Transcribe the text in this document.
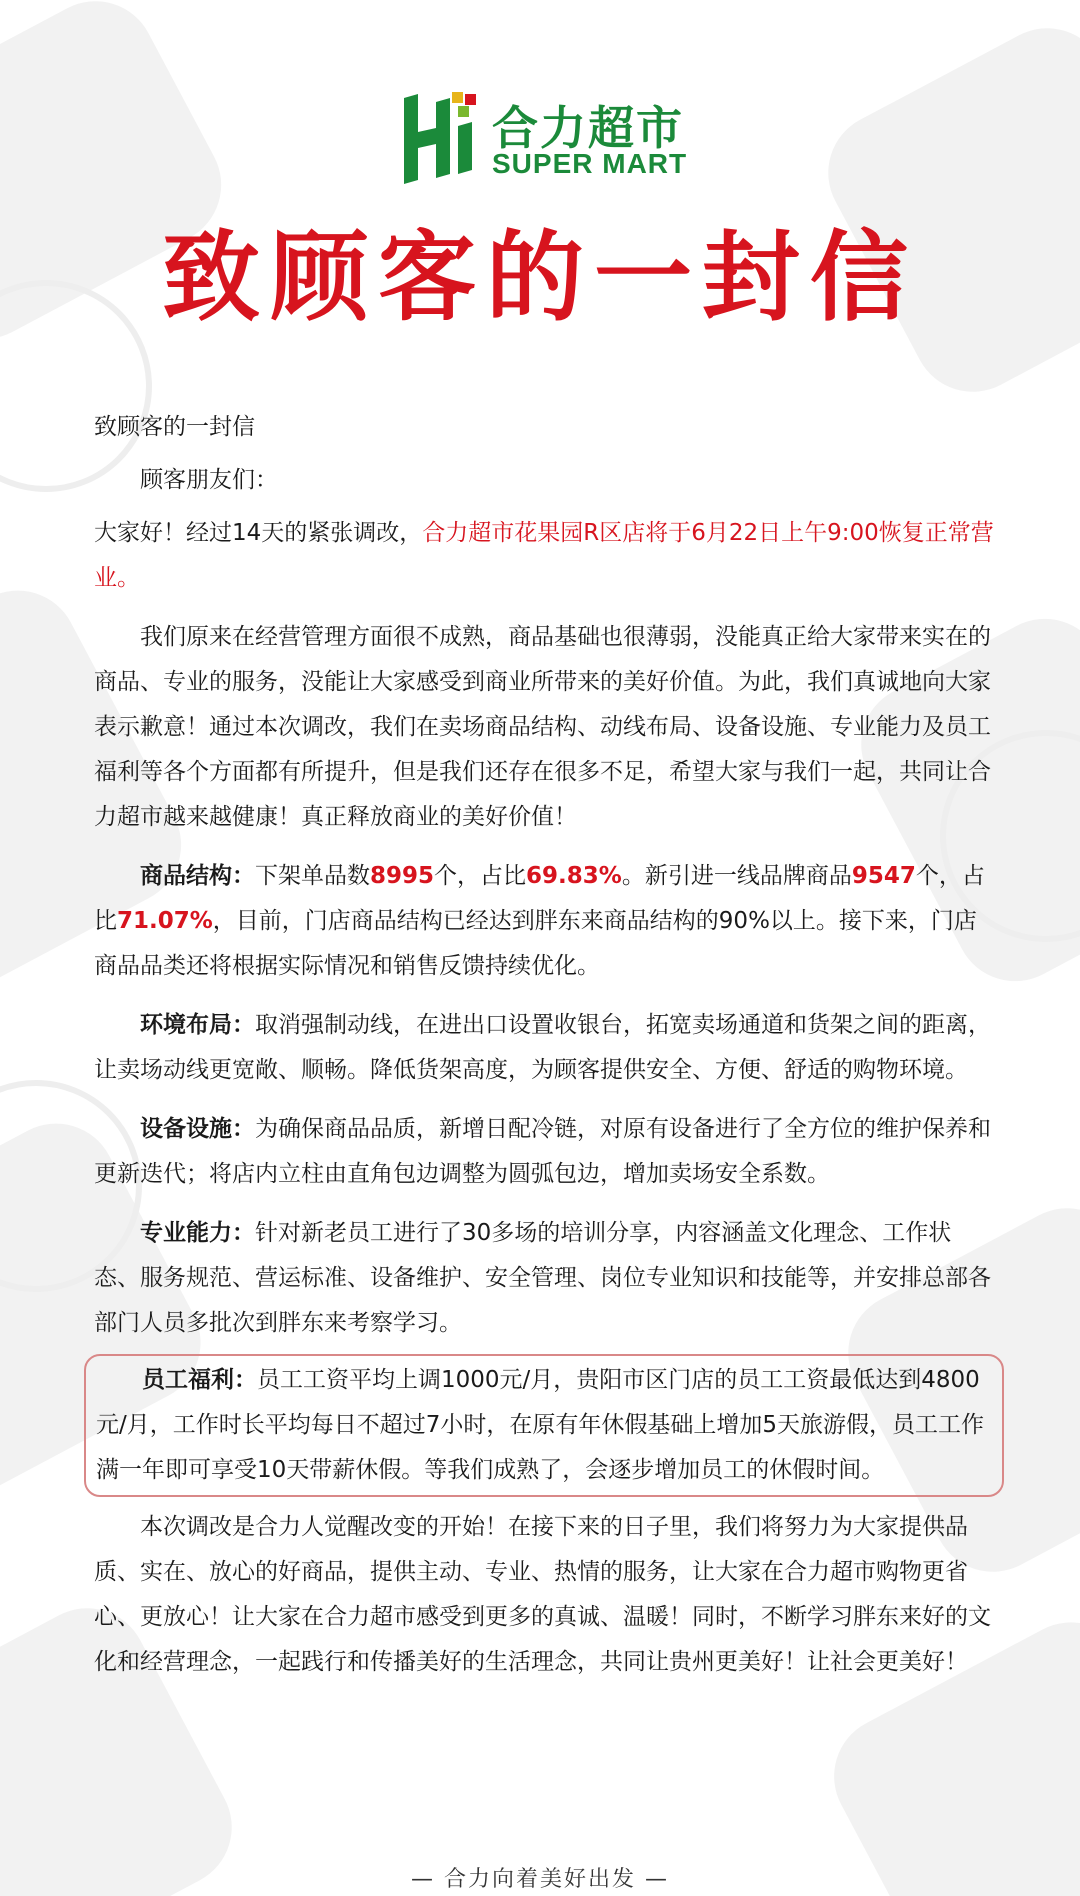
合力超市
SUPER MART
致顾客的一封信

致顾客的一封信

顾客朋友们：

大家好！经过14天的紧张调改，合力超市花果园R区店将于6月22日上午9:00恢复正常营业。

我们原来在经营管理方面很不成熟，商品基础也很薄弱，没能真正给大家带来实在的商品、专业的服务，没能让大家感受到商业所带来的美好价值。为此，我们真诚地向大家表示歉意！通过本次调改，我们在卖场商品结构、动线布局、设备设施、专业能力及员工福利等各个方面都有所提升，但是我们还存在很多不足，希望大家与我们一起，共同让合力超市越来越健康！真正释放商业的美好价值！

商品结构：下架单品数8995个，占比69.83%。新引进一线品牌商品9547个，占比71.07%，目前，门店商品结构已经达到胖东来商品结构的90%以上。接下来，门店商品品类还将根据实际情况和销售反馈持续优化。

环境布局：取消强制动线，在进出口设置收银台，拓宽卖场通道和货架之间的距离，让卖场动线更宽敞、顺畅。降低货架高度，为顾客提供安全、方便、舒适的购物环境。

设备设施：为确保商品品质，新增日配冷链，对原有设备进行了全方位的维护保养和更新迭代；将店内立柱由直角包边调整为圆弧包边，增加卖场安全系数。

专业能力：针对新老员工进行了30多场的培训分享，内容涵盖文化理念、工作状态、服务规范、营运标准、设备维护、安全管理、岗位专业知识和技能等，并安排总部各部门人员多批次到胖东来考察学习。

员工福利：员工工资平均上调1000元/月，贵阳市区门店的员工工资最低达到4800元/月，工作时长平均每日不超过7小时，在原有年休假基础上增加5天旅游假，员工工作满一年即可享受10天带薪休假。等我们成熟了，会逐步增加员工的休假时间。

本次调改是合力人觉醒改变的开始！在接下来的日子里，我们将努力为大家提供品质、实在、放心的好商品，提供主动、专业、热情的服务，让大家在合力超市购物更省心、更放心！让大家在合力超市感受到更多的真诚、温暖！同时，不断学习胖东来好的文化和经营理念，一起践行和传播美好的生活理念，共同让贵州更美好！让社会更美好！

— 合力向着美好出发 —
